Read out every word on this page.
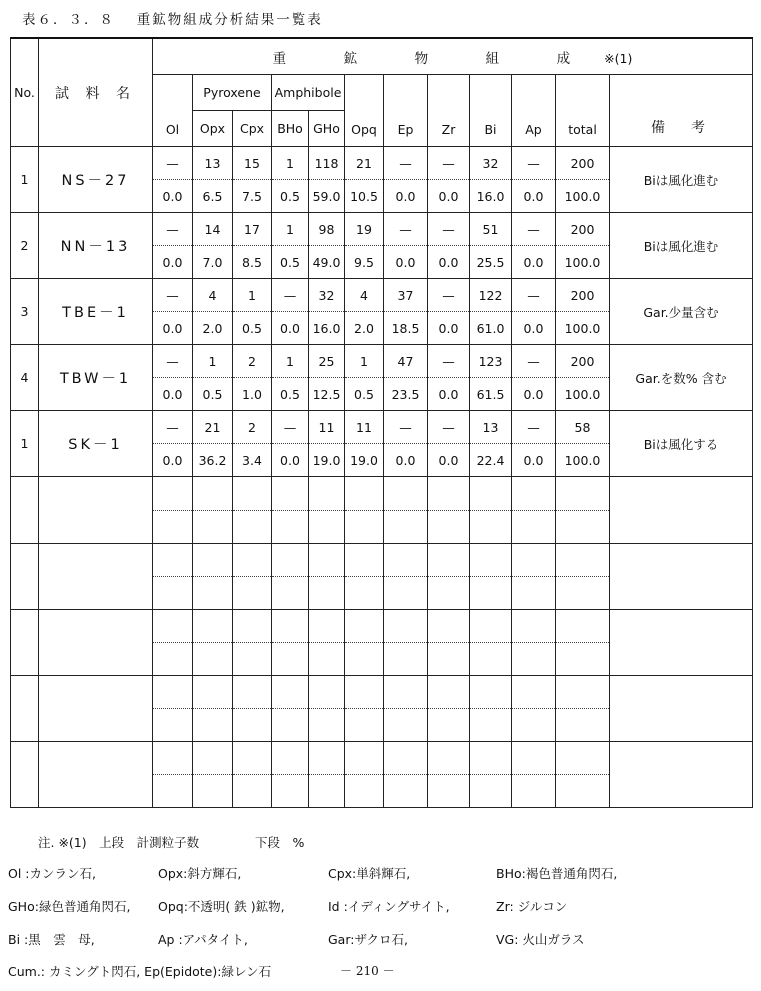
表６．３．８　 重鉱物組成分析結果一覧表
No.	試 料 名	重　鉱　物　組　成 ※(1)											
		Ol	Pyroxene		Amphibole		Opq	Ep	Zr	Bi	Ap	total	備　考
			Opx	Cpx	BHo	GHo							
1	NS－27	—	13	15	1	118	21	—	—	32	—	200	Biは風化進む
		0.0	6.5	7.5	0.5	59.0	10.5	0.0	0.0	16.0	0.0	100.0	
2	NN－13	—	14	17	1	98	19	—	—	51	—	200	Biは風化進む
		0.0	7.0	8.5	0.5	49.0	9.5	0.0	0.0	25.5	0.0	100.0	
3	TBE－1	—	4	1	—	32	4	37	—	122	—	200	Gar.少量含む
		0.0	2.0	0.5	0.0	16.0	2.0	18.5	0.0	61.0	0.0	100.0	
4	TBW－1	—	1	2	1	25	1	47	—	123	—	200	Gar.を数% 含む
		0.0	0.5	1.0	0.5	12.5	0.5	23.5	0.0	61.5	0.0	100.0	
1	SK－1	—	21	2	—	11	11	—	—	13	—	58	Biは風化する
		0.0	36.2	3.4	0.0	19.0	19.0	0.0	0.0	22.4	0.0	100.0	

注. ※(1)　上段　計測粒子数	下段　%
Ol :カンラン石,	Opx:斜方輝石,	Cpx:単斜輝石,	BHo:褐色普通角閃石,
GHo:緑色普通角閃石, Opq:不透明( 鉄 )鉱物,	Id :イディングサイト,	Zr: ジルコン
Bi :黒　雲　母,	Ap :アパタイト,	Gar:ザクロ石,	VG: 火山ガラス
Cum.: カミングト閃石, Ep(Epidote):緑レン石	－ 210 －
